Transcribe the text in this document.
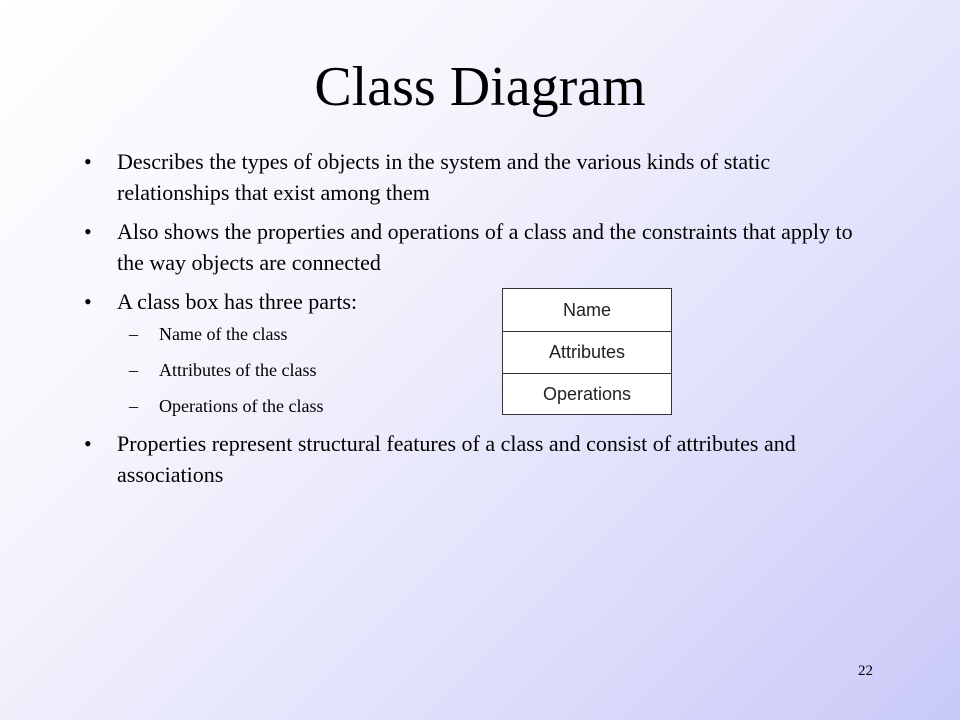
Class Diagram
• Describes the types of objects in the system and the various kinds of static relationships that exist among them
• Also shows the properties and operations of a class and the constraints that apply to the way objects are connected
• A class box has three parts:
– Name of the class
– Attributes of the class
– Operations of the class
Name
Attributes
Operations
• Properties represent structural features of a class and consist of attributes and associations
22
